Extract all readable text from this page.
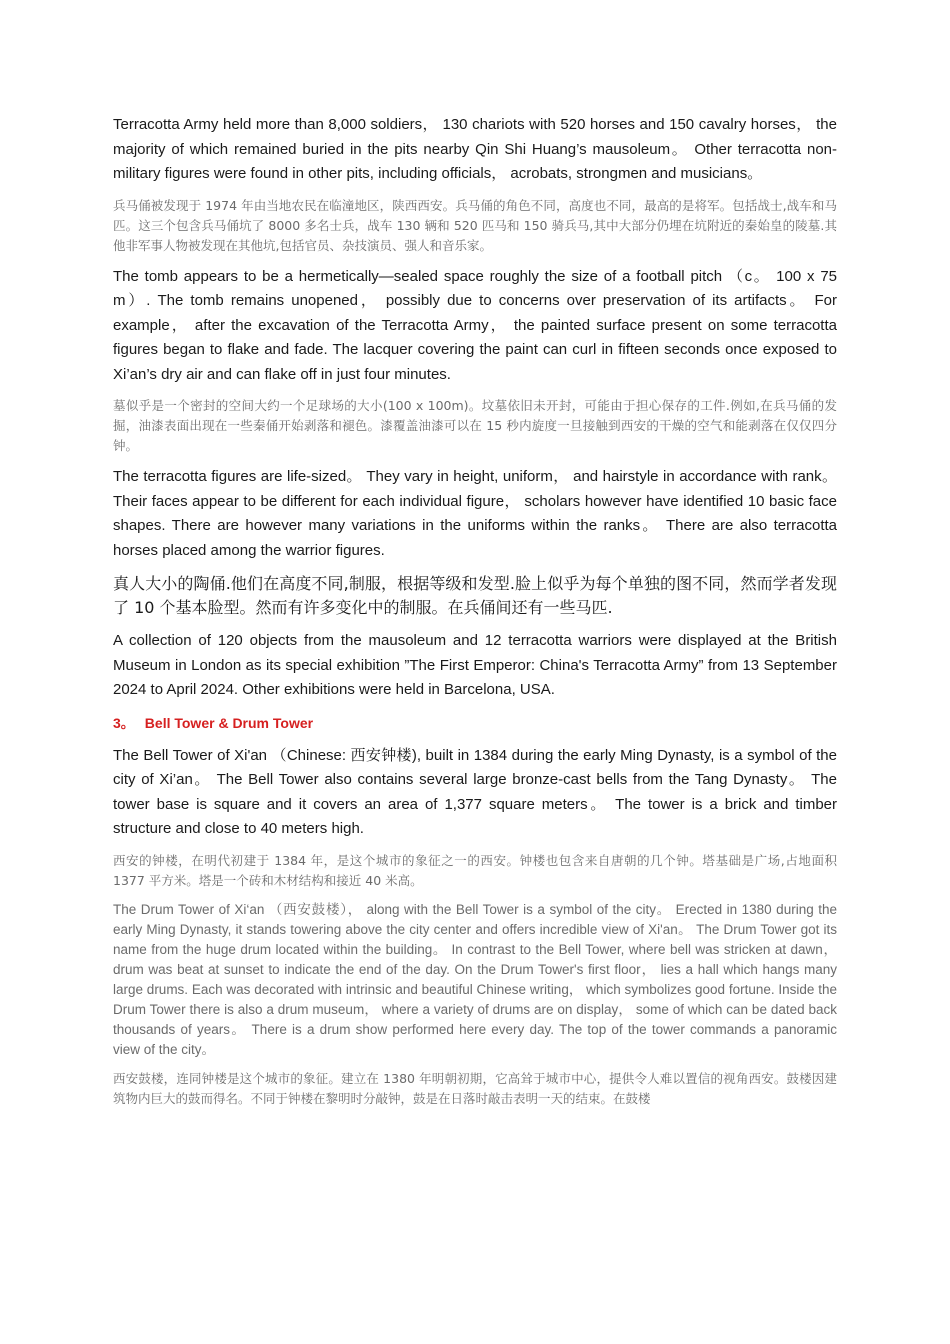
Terracotta Army held more than 8,000 soldiers， 130 chariots with 520 horses and 150 cavalry horses， the majority of which remained buried in the pits nearby Qin Shi Huang’s mausoleum。 Other terracotta non-military figures were found in other pits, including officials， acrobats, strongmen and musicians。

兵马俑被发现于 1974 年由当地农民在临潼地区，陕西西安。兵马俑的角色不同，高度也不同，最高的是将军。包括战士,战车和马匹。这三个包含兵马俑坑了 8000 多名士兵，战车 130 辆和 520 匹马和 150 骑兵马,其中大部分仍埋在坑附近的秦始皇的陵墓.其他非军事人物被发现在其他坑,包括官员、杂技演员、强人和音乐家。

The tomb appears to be a hermetically—sealed space roughly the size of a football pitch （c。 100 x 75 m）. The tomb remains unopened， possibly due to concerns over preservation of its artifacts。 For example， after the excavation of the Terracotta Army， the painted surface present on some terracotta figures began to flake and fade. The lacquer covering the paint can curl in fifteen seconds once exposed to Xi’an’s dry air and can flake off in just four minutes.

墓似乎是一个密封的空间大约一个足球场的大小(100 x 100m)。坟墓依旧未开封，可能由于担心保存的工件.例如,在兵马俑的发掘，油漆表面出现在一些秦俑开始剥落和褪色。漆覆盖油漆可以在 15 秒内旋度一旦接触到西安的干燥的空气和能剥落在仅仅四分钟。

The terracotta figures are life-sized。 They vary in height, uniform， and hairstyle in accordance with rank。 Their faces appear to be different for each individual figure， scholars however have identified 10 basic face shapes. There are however many variations in the uniforms within the ranks。 There are also terracotta horses placed among the warrior figures.

真人大小的陶俑.他们在高度不同,制服，根据等级和发型.脸上似乎为每个单独的图不同，然而学者发现了 10 个基本脸型。然而有许多变化中的制服。在兵俑间还有一些马匹.

A collection of 120 objects from the mausoleum and 12 terracotta warriors were displayed at the British Museum in London as its special exhibition ”The First Emperor: China's Terracotta Army” from 13 September 2024 to April 2024. Other exhibitions were held in Barcelona, USA.

3。 Bell Tower & Drum Tower

The Bell Tower of Xi'an （Chinese: 西安钟楼), built in 1384 during the early Ming Dynasty, is a symbol of the city of Xi’an。 The Bell Tower also contains several large bronze-cast bells from the Tang Dynasty。 The tower base is square and it covers an area of 1,377 square meters。 The tower is a brick and timber structure and close to 40 meters high.

西安的钟楼，在明代初建于 1384 年，是这个城市的象征之一的西安。钟楼也包含来自唐朝的几个钟。塔基础是广场,占地面积 1377 平方米。塔是一个砖和木材结构和接近 40 米高。

The Drum Tower of Xi‘an （西安鼓楼）， along with the Bell Tower is a symbol of the city。 Erected in 1380 during the early Ming Dynasty, it stands towering above the city center and offers incredible view of Xi'an。 The Drum Tower got its name from the huge drum located within the building。 In contrast to the Bell Tower, where bell was stricken at dawn， drum was beat at sunset to indicate the end of the day. On the Drum Tower's first floor， lies a hall which hangs many large drums. Each was decorated with intrinsic and beautiful Chinese writing， which symbolizes good fortune. Inside the Drum Tower there is also a drum museum， where a variety of drums are on display， some of which can be dated back thousands of years。 There is a drum show performed here every day. The top of the tower commands a panoramic view of the city。

西安鼓楼，连同钟楼是这个城市的象征。建立在 1380 年明朝初期，它高耸于城市中心，提供令人难以置信的视角西安。鼓楼因建筑物内巨大的鼓而得名。不同于钟楼在黎明时分敲钟，鼓是在日落时敲击表明一天的结束。在鼓楼
